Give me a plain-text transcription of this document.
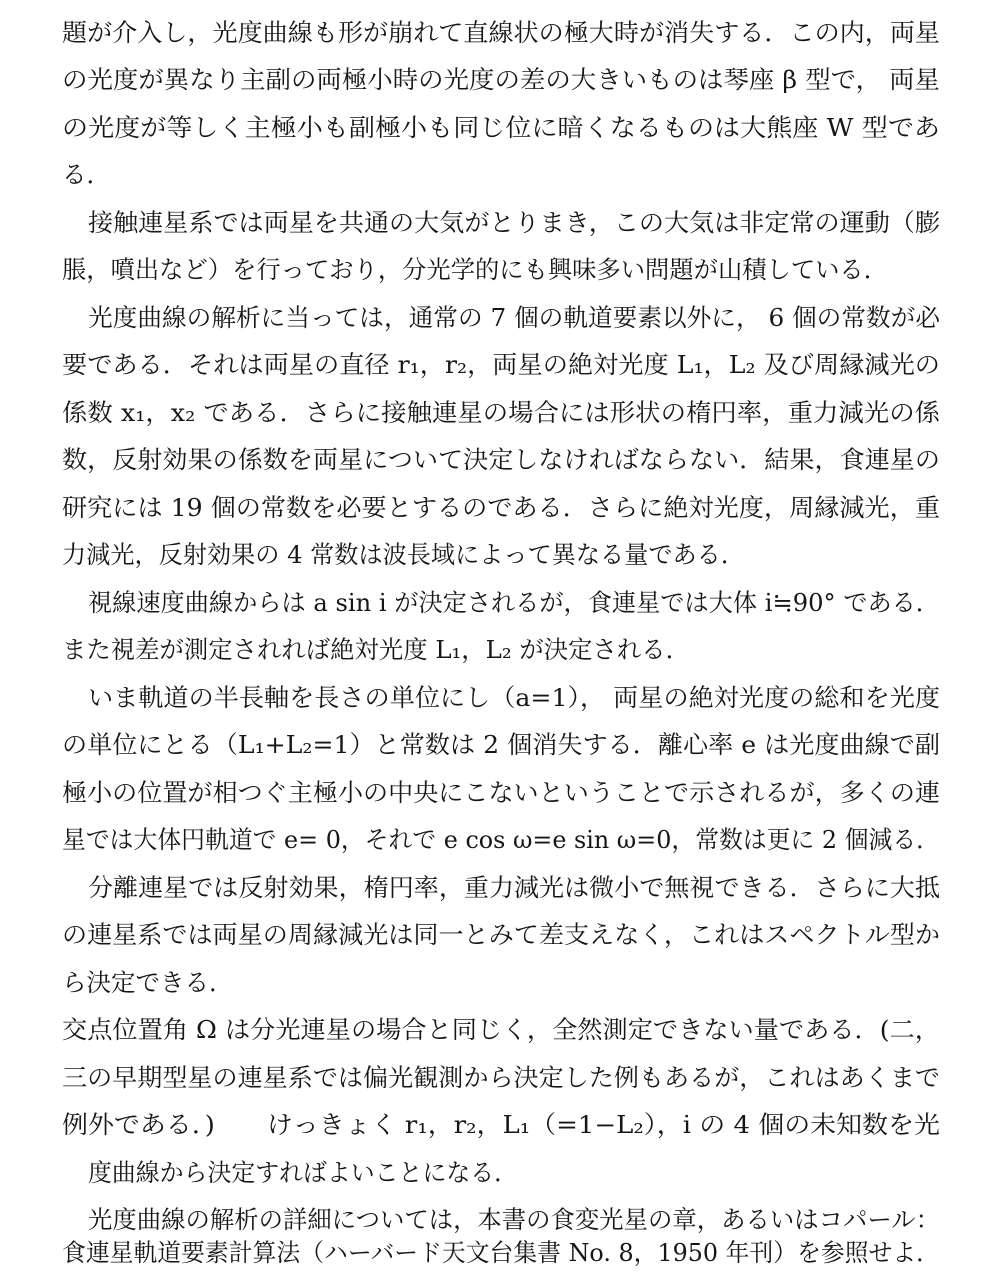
題が介入し，光度曲線も形が崩れて直線状の極大時が消失する．この内，両星
の光度が異なり主副の両極小時の光度の差の大きいものは琴座 β 型で， 両星
の光度が等しく主極小も副極小も同じ位に暗くなるものは大熊座 W 型であ
る．
接触連星系では両星を共通の大気がとりまき，この大気は非定常の運動（膨
脹，噴出など）を行っており，分光学的にも興味多い問題が山積している．
光度曲線の解析に当っては，通常の 7 個の軌道要素以外に， 6 個の常数が必
要である．それは両星の直径 r₁，r₂，両星の絶対光度 L₁，L₂ 及び周縁減光の
係数 x₁，x₂ である．さらに接触連星の場合には形状の楕円率，重力減光の係
数，反射効果の係数を両星について決定しなければならない．結果，食連星の
研究には 19 個の常数を必要とするのである．さらに絶対光度，周縁減光，重
力減光，反射効果の 4 常数は波長域によって異なる量である．
視線速度曲線からは a sin i が決定されるが，食連星では大体 i≒90° である．
また視差が測定されれば絶対光度 L₁，L₂ が決定される．
いま軌道の半長軸を長さの単位にし（a=1）， 両星の絶対光度の総和を光度
の単位にとる（L₁+L₂=1）と常数は 2 個消失する．離心率 e は光度曲線で副
極小の位置が相つぐ主極小の中央にこないということで示されるが，多くの連
星では大体円軌道で e= 0，それで e cos ω=e sin ω=0，常数は更に 2 個減る．
分離連星では反射効果，楕円率，重力減光は微小で無視できる．さらに大抵
の連星系では両星の周縁減光は同一とみて差支えなく，これはスペクトル型か
ら決定できる．
交点位置角 Ω は分光連星の場合と同じく，全然測定できない量である．(二，
三の早期型星の連星系では偏光観測から決定した例もあるが，これはあくまで
例外である．)　　けっきょく r₁，r₂，L₁（=1−L₂），i の 4 個の未知数を光
度曲線から決定すればよいことになる．
光度曲線の解析の詳細については，本書の食変光星の章，あるいはコパール：
食連星軌道要素計算法（ハーバード天文台集書 No. 8，1950 年刊）を参照せよ．
